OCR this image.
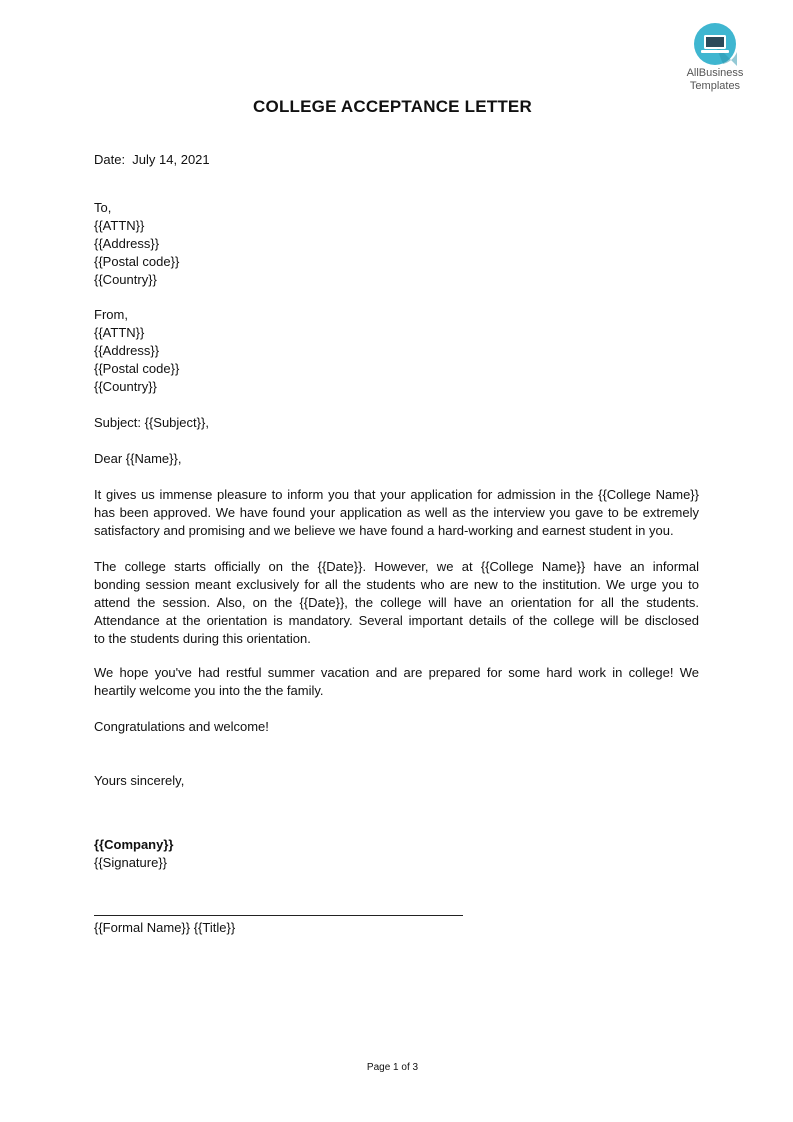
AllBusiness
Templates
COLLEGE ACCEPTANCE LETTER
Date:  July 14, 2021
To,
{{ATTN}}
{{Address}}
{{Postal code}}
{{Country}}
From,
{{ATTN}}
{{Address}}
{{Postal code}}
{{Country}}
Subject: {{Subject}},
Dear {{Name}},
It gives us immense pleasure to inform you that your application for admission in the {{College Name}}
has been approved. We have found your application as well as the interview you gave to be extremely
satisfactory and promising and we believe we have found a hard-working and earnest student in you.
The college starts officially on the {{Date}}. However, we at {{College Name}} have an informal
bonding session meant exclusively for all the students who are new to the institution. We urge you to
attend the session. Also, on the {{Date}}, the college will have an orientation for all the students.
Attendance at the orientation is mandatory. Several important details of the college will be disclosed
to the students during this orientation.
We hope you've had restful summer vacation and are prepared for some hard work in college! We
heartily welcome you into the the family.
Congratulations and welcome!
Yours sincerely,
{{Company}}
{{Signature}}
{{Formal Name}} {{Title}}
Page 1 of 3
